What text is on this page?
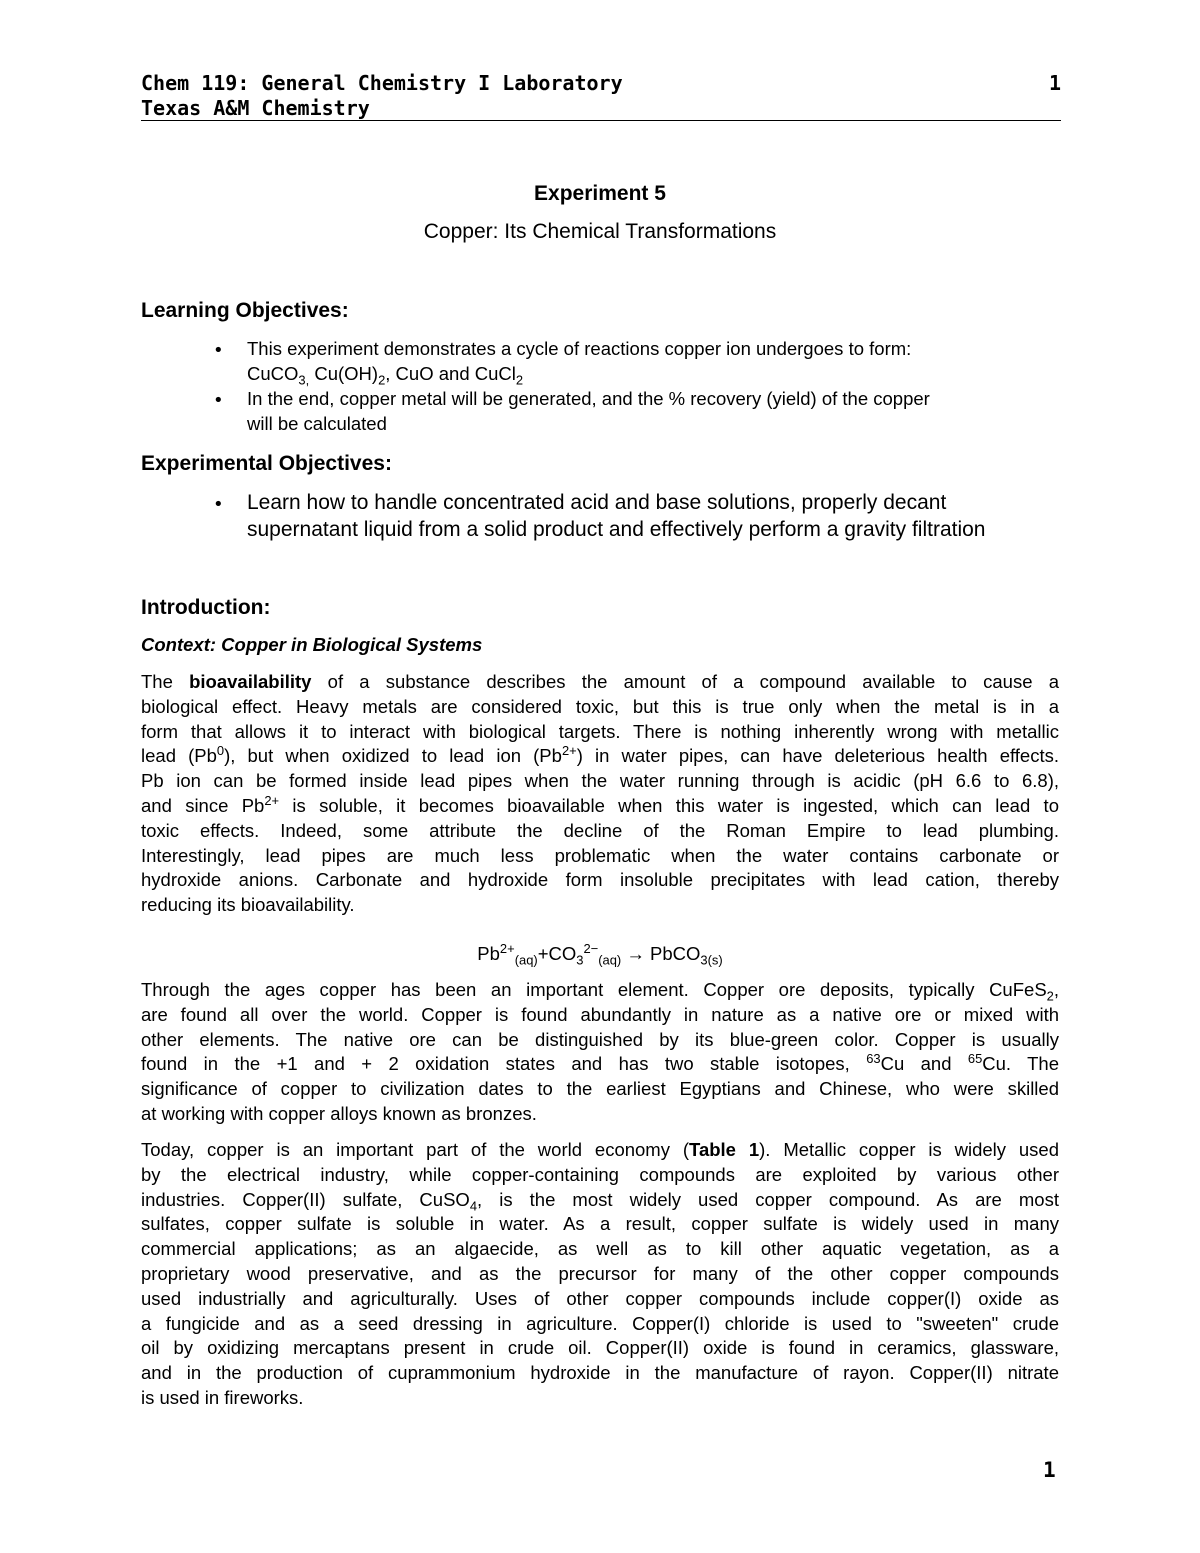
Chem 119: General Chemistry I Laboratory	1
Texas A&M Chemistry
Experiment 5
Copper: Its Chemical Transformations
Learning Objectives:
• This experiment demonstrates a cycle of reactions copper ion undergoes to form:
CuCO$_{3,}$ $Cu(OH)_2$, CuO and CuCl$_2$
• In the end, copper metal will be generated, and the % recovery (yield) of the copper
will be calculated
Experimental Objectives:
• Learn how to handle concentrated acid and base solutions, properly decant
supernatant liquid from a solid product and effectively perform a gravity filtration
Introduction:
Context: Copper in Biological Systems
The bioavailability of a substance describes the amount of a compound available to cause a
biological effect. Heavy metals are considered toxic, but this is true only when the metal is in a
form that allows it to interact with biological targets. There is nothing inherently wrong with metallic
lead (Pb$^0$), but when oxidized to lead ion $(Pb^{2+})$ in water pipes, can have deleterious health effects.
Pb ion can be formed inside lead pipes when the water running through is acidic (pH 6.6 to 6.8),
and since $Pb^{2+}$ is soluble, it becomes bioavailable when this water is ingested, which can lead to
toxic effects. Indeed, some attribute the decline of the Roman Empire to lead plumbing.
Interestingly, lead pipes are much less problematic when the water contains carbonate or
hydroxide anions. Carbonate and hydroxide form insoluble precipitates with lead cation, thereby
reducing its bioavailability.
$Pb^{2+}_{(aq)}+CO_3^{2-}_{(aq)}$ → PbCO$_{3(s)}$
Through the ages copper has been an important element. Copper ore deposits, typically CuFeS$_2$,
are found all over the world. Copper is found abundantly in nature as a native ore or mixed with
other elements. The native ore can be distinguished by its blue-green color. Copper is usually
found in the +1 and + 2 oxidation states and has two stable isotopes, $^{63}$Cu and $^{65}$Cu. The
significance of copper to civilization dates to the earliest Egyptians and Chinese, who were skilled
at working with copper alloys known as bronzes.
Today, copper is an important part of the world economy (Table 1). Metallic copper is widely used
by the electrical industry, while copper-containing compounds are exploited by various other
industries. Copper(II) sulfate, CuSO$_4$, is the most widely used copper compound. As are most
sulfates, copper sulfate is soluble in water. As a result, copper sulfate is widely used in many
commercial applications; as an algaecide, as well as to kill other aquatic vegetation, as a
proprietary wood preservative, and as the precursor for many of the other copper compounds
used industrially and agriculturally. Uses of other copper compounds include copper(I) oxide as
a fungicide and as a seed dressing in agriculture. Copper(I) chloride is used to "sweeten" crude
oil by oxidizing mercaptans present in crude oil. Copper(II) oxide is found in ceramics, glassware,
and in the production of cuprammonium hydroxide in the manufacture of rayon. Copper(II) nitrate
is used in fireworks.
1
